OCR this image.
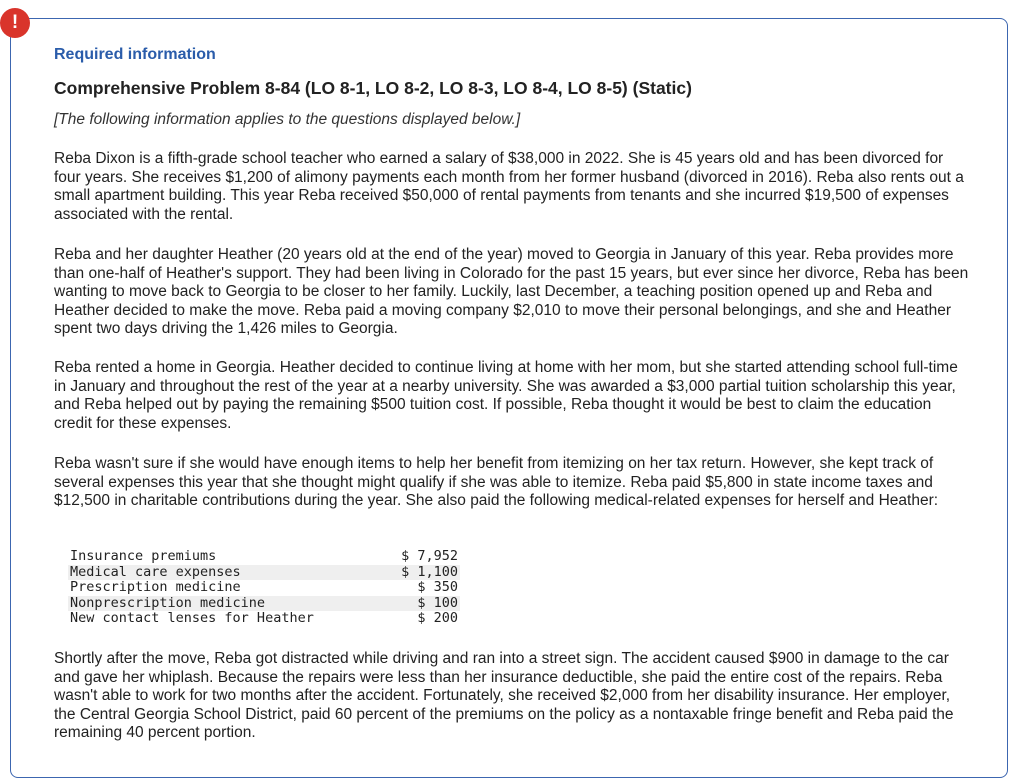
!
Required information
Comprehensive Problem 8-84 (LO 8-1, LO 8-2, LO 8-3, LO 8-4, LO 8-5) (Static)
[The following information applies to the questions displayed below.]
Reba Dixon is a fifth-grade school teacher who earned a salary of $38,000 in 2022. She is 45 years old and has been divorced for four years. She receives $1,200 of alimony payments each month from her former husband (divorced in 2016). Reba also rents out a small apartment building. This year Reba received $50,000 of rental payments from tenants and she incurred $19,500 of expenses associated with the rental.
Reba and her daughter Heather (20 years old at the end of the year) moved to Georgia in January of this year. Reba provides more than one-half of Heather's support. They had been living in Colorado for the past 15 years, but ever since her divorce, Reba has been wanting to move back to Georgia to be closer to her family. Luckily, last December, a teaching position opened up and Reba and Heather decided to make the move. Reba paid a moving company $2,010 to move their personal belongings, and she and Heather spent two days driving the 1,426 miles to Georgia.
Reba rented a home in Georgia. Heather decided to continue living at home with her mom, but she started attending school full-time in January and throughout the rest of the year at a nearby university. She was awarded a $3,000 partial tuition scholarship this year, and Reba helped out by paying the remaining $500 tuition cost. If possible, Reba thought it would be best to claim the education credit for these expenses.
Reba wasn't sure if she would have enough items to help her benefit from itemizing on her tax return. However, she kept track of several expenses this year that she thought might qualify if she was able to itemize. Reba paid $5,800 in state income taxes and $12,500 in charitable contributions during the year. She also paid the following medical-related expenses for herself and Heather:
Insurance premiums	$ 7,952
Medical care expenses	$ 1,100
Prescription medicine	$ 350
Nonprescription medicine	$ 100
New contact lenses for Heather	$ 200
Shortly after the move, Reba got distracted while driving and ran into a street sign. The accident caused $900 in damage to the car and gave her whiplash. Because the repairs were less than her insurance deductible, she paid the entire cost of the repairs. Reba wasn't able to work for two months after the accident. Fortunately, she received $2,000 from her disability insurance. Her employer, the Central Georgia School District, paid 60 percent of the premiums on the policy as a nontaxable fringe benefit and Reba paid the remaining 40 percent portion.
